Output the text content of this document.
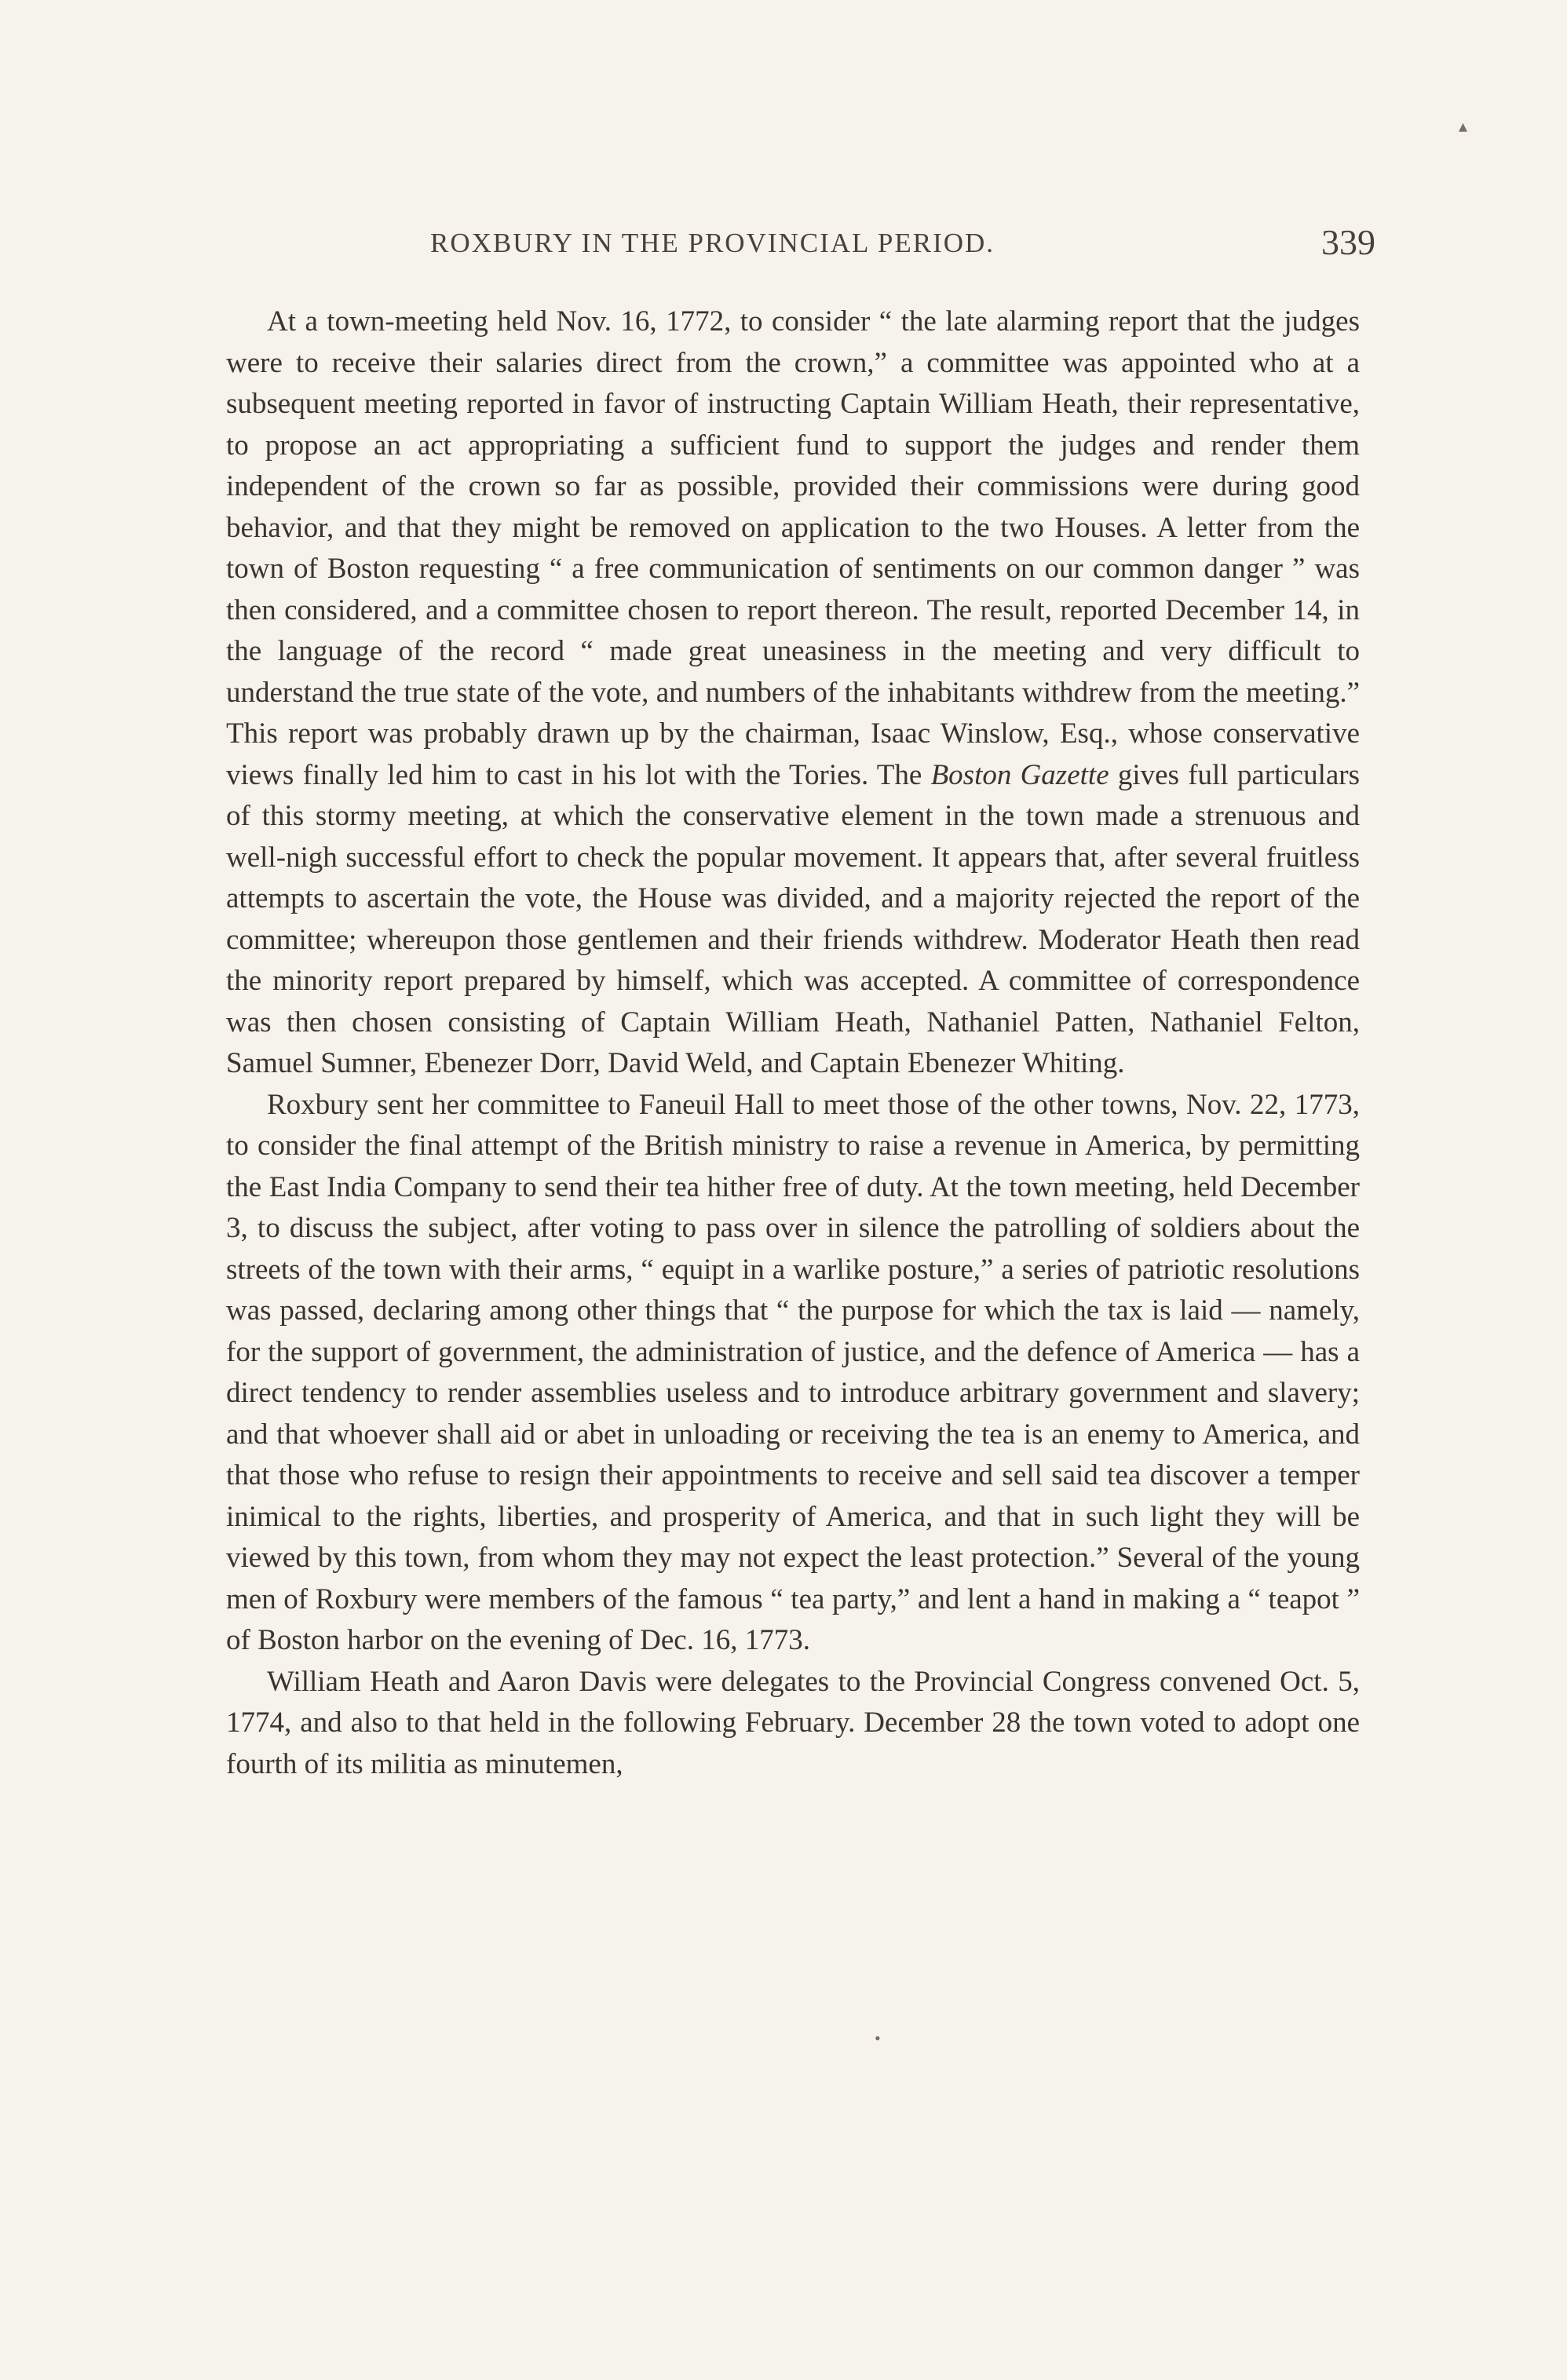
ROXBURY IN THE PROVINCIAL PERIOD.	339

At a town-meeting held Nov. 16, 1772, to consider “ the late alarming report that the judges were to receive their salaries direct from the crown,” a committee was appointed who at a subsequent meeting reported in favor of instructing Captain William Heath, their representative, to propose an act appropriating a sufficient fund to support the judges and render them independent of the crown so far as possible, provided their commissions were during good behavior, and that they might be removed on application to the two Houses. A letter from the town of Boston requesting “ a free communication of sentiments on our common danger ” was then considered, and a committee chosen to report thereon. The result, reported December 14, in the language of the record “ made great uneasiness in the meeting and very difficult to understand the true state of the vote, and numbers of the inhabitants withdrew from the meeting.” This report was probably drawn up by the chairman, Isaac Winslow, Esq., whose conservative views finally led him to cast in his lot with the Tories. The Boston Gazette gives full particulars of this stormy meeting, at which the conservative element in the town made a strenuous and well-nigh successful effort to check the popular movement. It appears that, after several fruitless attempts to ascertain the vote, the House was divided, and a majority rejected the report of the committee; whereupon those gentlemen and their friends withdrew. Moderator Heath then read the minority report prepared by himself, which was accepted. A committee of correspondence was then chosen consisting of Captain William Heath, Nathaniel Patten, Nathaniel Felton, Samuel Sumner, Ebenezer Dorr, David Weld, and Captain Ebenezer Whiting.

Roxbury sent her committee to Faneuil Hall to meet those of the other towns, Nov. 22, 1773, to consider the final attempt of the British ministry to raise a revenue in America, by permitting the East India Company to send their tea hither free of duty. At the town meeting, held December 3, to discuss the subject, after voting to pass over in silence the patrolling of soldiers about the streets of the town with their arms, “ equipt in a warlike posture,” a series of patriotic resolutions was passed, declaring among other things that “ the purpose for which the tax is laid — namely, for the support of government, the administration of justice, and the defence of America — has a direct tendency to render assemblies useless and to introduce arbitrary government and slavery; and that whoever shall aid or abet in unloading or receiving the tea is an enemy to America, and that those who refuse to resign their appointments to receive and sell said tea discover a temper inimical to the rights, liberties, and prosperity of America, and that in such light they will be viewed by this town, from whom they may not expect the least protection.” Several of the young men of Roxbury were members of the famous “ tea party,” and lent a hand in making a “ teapot ” of Boston harbor on the evening of Dec. 16, 1773.

William Heath and Aaron Davis were delegates to the Provincial Congress convened Oct. 5, 1774, and also to that held in the following February. December 28 the town voted to adopt one fourth of its militia as minutemen,

▴
•
